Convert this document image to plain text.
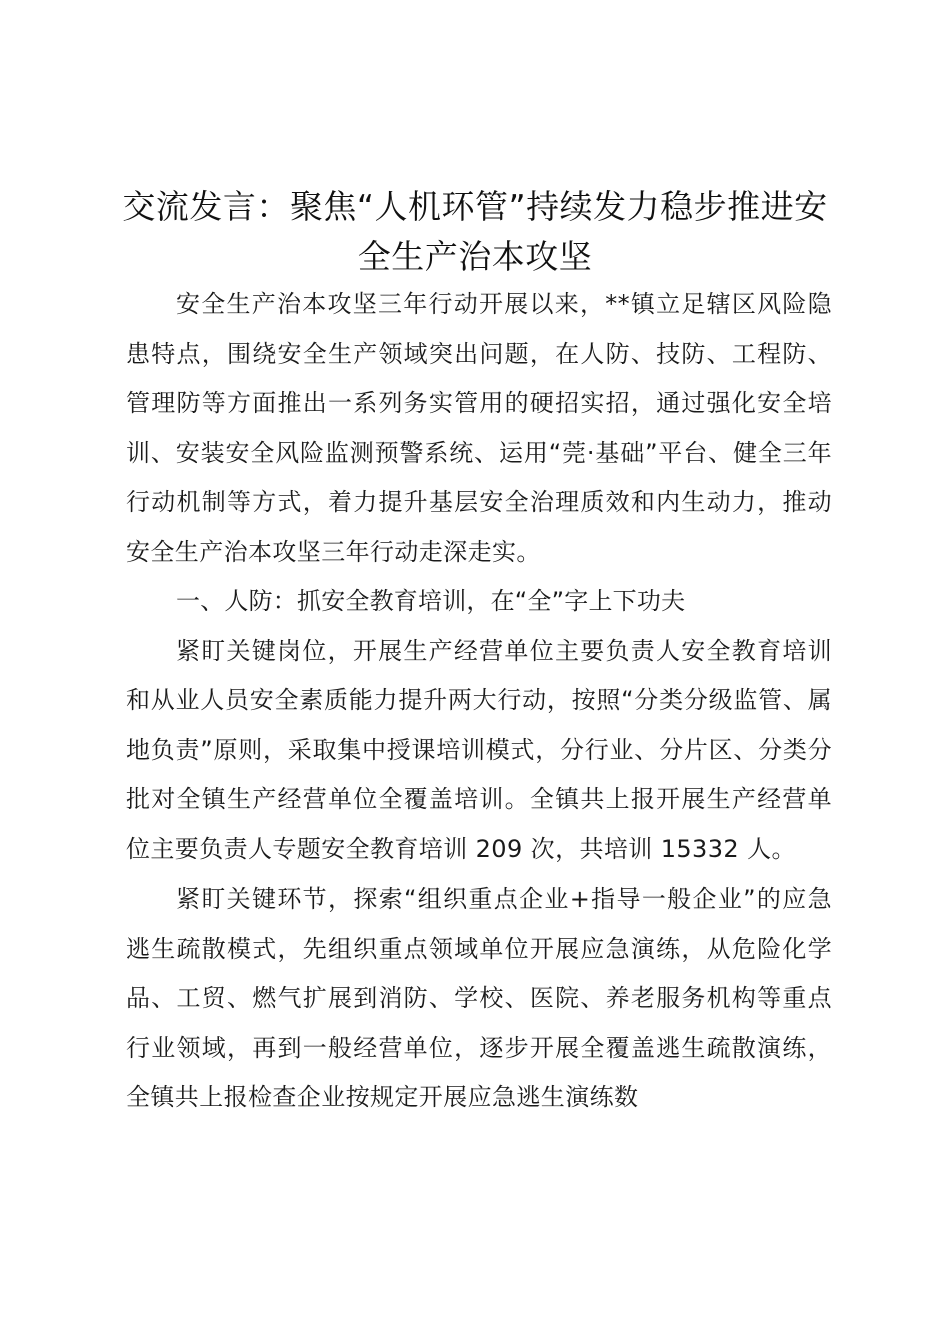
交流发言：聚焦“人机环管”持续发力稳步推进安全生产治本攻坚

安全生产治本攻坚三年行动开展以来，**镇立足辖区风险隐患特点，围绕安全生产领域突出问题，在人防、技防、工程防、管理防等方面推出一系列务实管用的硬招实招，通过强化安全培训、安装安全风险监测预警系统、运用“莞·基础”平台、健全三年行动机制等方式，着力提升基层安全治理质效和内生动力，推动安全生产治本攻坚三年行动走深走实。

一、人防：抓安全教育培训，在“全”字上下功夫

紧盯关键岗位，开展生产经营单位主要负责人安全教育培训和从业人员安全素质能力提升两大行动，按照“分类分级监管、属地负责”原则，采取集中授课培训模式，分行业、分片区、分类分批对全镇生产经营单位全覆盖培训。全镇共上报开展生产经营单位主要负责人专题安全教育培训 209 次，共培训 15332 人。

紧盯关键环节，探索“组织重点企业+指导一般企业”的应急逃生疏散模式，先组织重点领域单位开展应急演练，从危险化学品、工贸、燃气扩展到消防、学校、医院、养老服务机构等重点行业领域，再到一般经营单位，逐步开展全覆盖逃生疏散演练，全镇共上报检查企业按规定开展应急逃生演练数
